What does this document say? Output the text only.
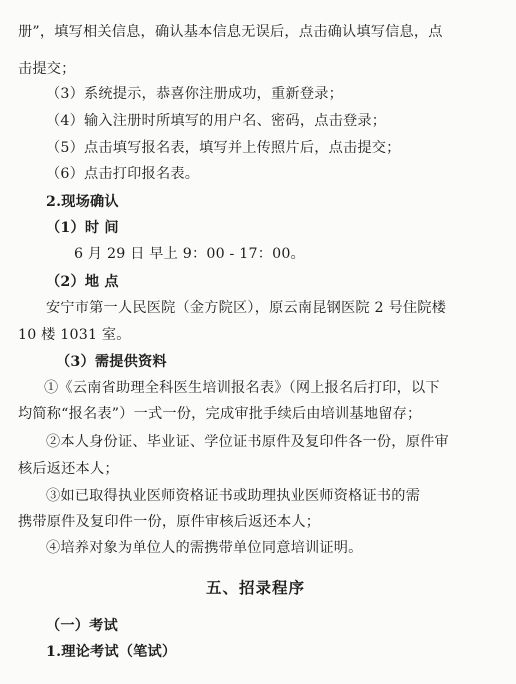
册”，填写相关信息，确认基本信息无误后，点击确认填写信息，点
击提交；
（3）系统提示，恭喜你注册成功，重新登录；
（4）输入注册时所填写的用户名、密码，点击登录；
（5）点击填写报名表，填写并上传照片后，点击提交；
（6）点击打印报名表。
2.现场确认
（1）时 间
6 月 29 日 早上 9：00 - 17：00。
（2）地 点
安宁市第一人民医院（金方院区），原云南昆钢医院 2 号住院楼
10 楼 1031 室。
（3）需提供资料
①《云南省助理全科医生培训报名表》（网上报名后打印，以下
均简称“报名表”）一式一份，完成审批手续后由培训基地留存；
②本人身份证、毕业证、学位证书原件及复印件各一份，原件审
核后返还本人；
③如已取得执业医师资格证书或助理执业医师资格证书的需
携带原件及复印件一份，原件审核后返还本人；
④培养对象为单位人的需携带单位同意培训证明。
五、招录程序
（一）考试
1.理论考试（笔试）
